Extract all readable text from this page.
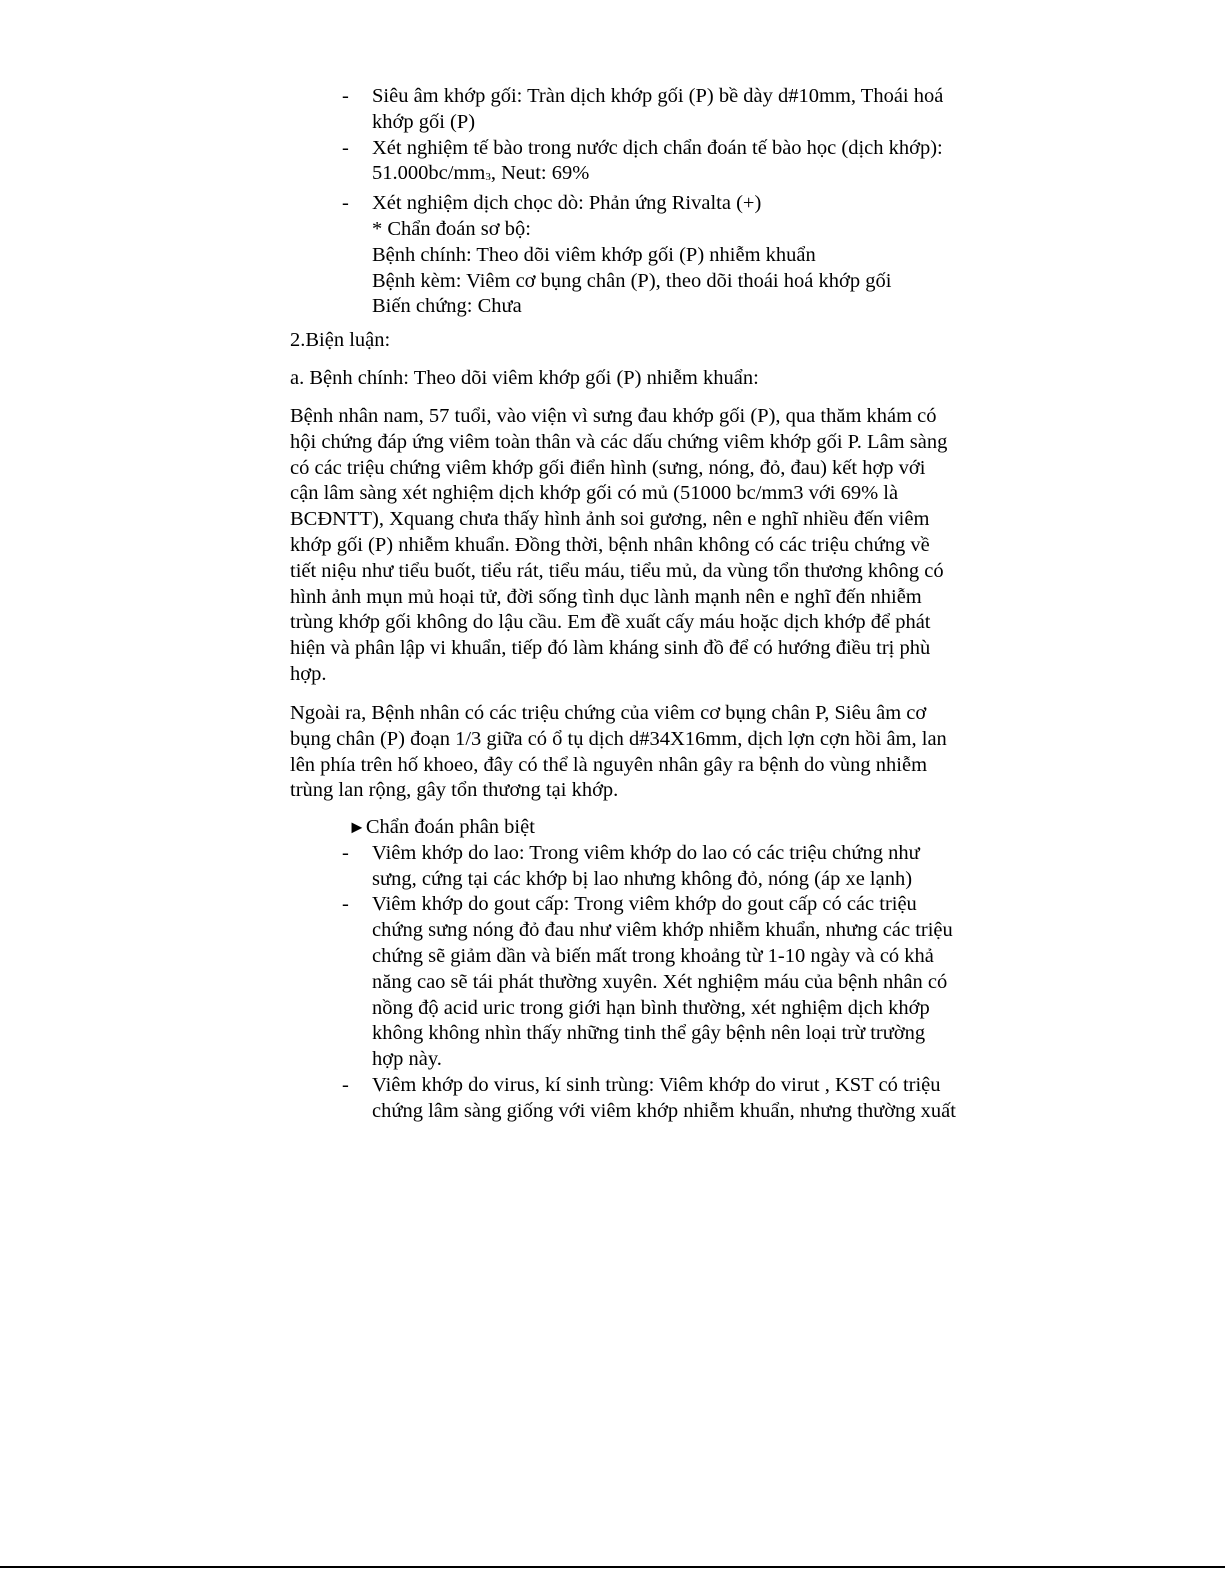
- Siêu âm khớp gối: Tràn dịch khớp gối (P) bề dày d#10mm, Thoái hoá
khớp gối (P)
- Xét nghiệm tế bào trong nước dịch chẩn đoán tế bào học (dịch khớp):
$51.000bc/mm_3$, Neut: 69%
- Xét nghiệm dịch chọc dò: Phản ứng Rivalta (+)
* Chẩn đoán sơ bộ:
Bệnh chính: Theo dõi viêm khớp gối (P) nhiễm khuẩn
Bệnh kèm: Viêm cơ bụng chân (P), theo dõi thoái hoá khớp gối
Biến chứng: Chưa

2.Biện luận:

a. Bệnh chính: Theo dõi viêm khớp gối (P) nhiễm khuẩn:

Bệnh nhân nam, 57 tuổi, vào viện vì sưng đau khớp gối (P), qua thăm khám có
hội chứng đáp ứng viêm toàn thân và các dấu chứng viêm khớp gối P. Lâm sàng
có các triệu chứng viêm khớp gối điển hình (sưng, nóng, đỏ, đau) kết hợp với
cận lâm sàng xét nghiệm dịch khớp gối có mủ (51000 bc/mm3 với 69% là
BCĐNTT), Xquang chưa thấy hình ảnh soi gương, nên e nghĩ nhiều đến viêm
khớp gối (P) nhiễm khuẩn. Đồng thời, bệnh nhân không có các triệu chứng về
tiết niệu như tiểu buốt, tiểu rát, tiểu máu, tiểu mủ, da vùng tổn thương không có
hình ảnh mụn mủ hoại tử, đời sống tình dục lành mạnh nên e nghĩ đến nhiễm
trùng khớp gối không do lậu cầu. Em đề xuất cấy máu hoặc dịch khớp để phát
hiện và phân lập vi khuẩn, tiếp đó làm kháng sinh đồ để có hướng điều trị phù
hợp.
Ngoài ra, Bệnh nhân có các triệu chứng của viêm cơ bụng chân P, Siêu âm cơ
bụng chân (P) đoạn 1/3 giữa có ổ tụ dịch d#34X16mm, dịch lợn cợn hồi âm, lan
lên phía trên hố khoeo, đây có thể là nguyên nhân gây ra bệnh do vùng nhiễm
trùng lan rộng, gây tổn thương tại khớp.
►Chẩn đoán phân biệt
- Viêm khớp do lao: Trong viêm khớp do lao có các triệu chứng như
sưng, cứng tại các khớp bị lao nhưng không đỏ, nóng (áp xe lạnh)
- Viêm khớp do gout cấp: Trong viêm khớp do gout cấp có các triệu
chứng sưng nóng đỏ đau như viêm khớp nhiễm khuẩn, nhưng các triệu
chứng sẽ giảm dần và biến mất trong khoảng từ 1-10 ngày và có khả
năng cao sẽ tái phát thường xuyên. Xét nghiệm máu của bệnh nhân có
nồng độ acid uric trong giới hạn bình thường, xét nghiệm dịch khớp
không không nhìn thấy những tinh thể gây bệnh nên loại trừ trường
hợp này.
- Viêm khớp do virus, kí sinh trùng: Viêm khớp do virut , KST có triệu
chứng lâm sàng giống với viêm khớp nhiễm khuẩn, nhưng thường xuất
